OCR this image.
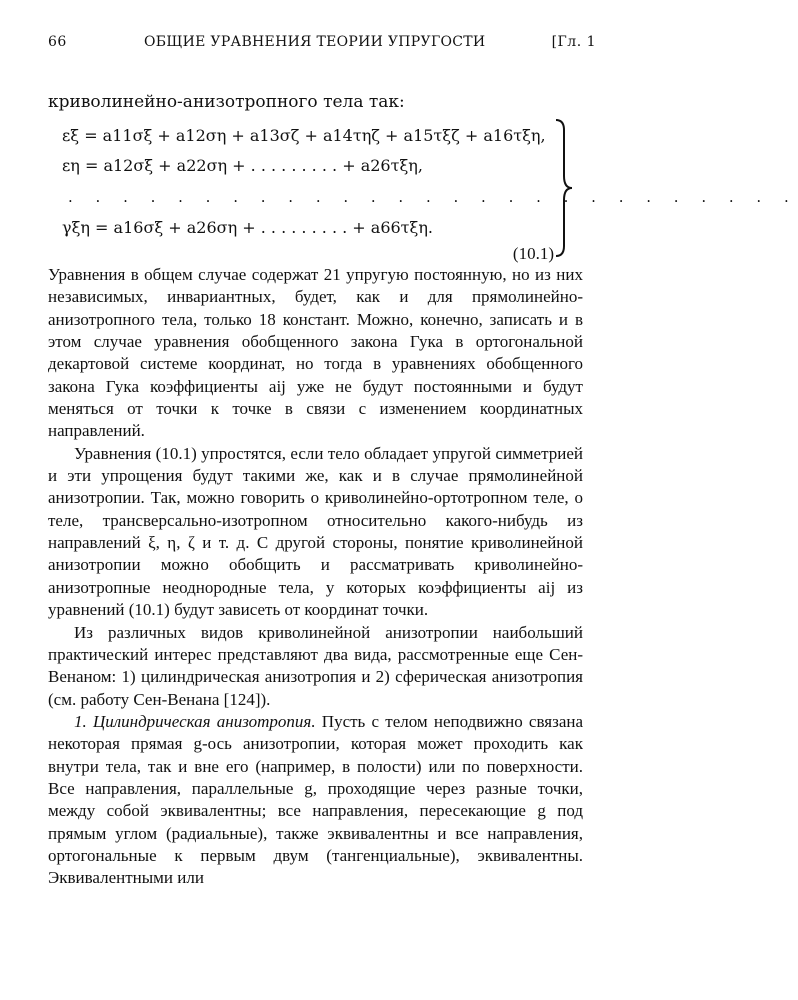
66	ОБЩИЕ УРАВНЕНИЯ ТЕОРИИ УПРУГОСТИ	[Гл. 1
криволинейно-анизотропного тела так:
εξ = a11σξ + a12ση + a13σζ + a14τηζ + a15τξζ + a16τξη,
εη = a12σξ + a22ση + . . . . . . . . . + a26τξη,
. . . . . . . . . . . . . . . . . . . . . . . . . . .
γξη = a16σξ + a26ση + . . . . . . . . . + a66τξη.
(10.1)

Уравнения в общем случае содержат 21 упругую постоянную, но из них независимых, инвариантных, будет, как и для прямолинейно-анизотропного тела, только 18 констант. Можно, конечно, записать и в этом случае уравнения обобщенного закона Гука в ортогональной декартовой системе координат, но тогда в уравнениях обобщенного закона Гука коэффициенты aij уже не будут постоянными и будут меняться от точки к точке в связи с изменением координатных направлений.

Уравнения (10.1) упростятся, если тело обладает упругой симметрией и эти упрощения будут такими же, как и в случае прямолинейной анизотропии. Так, можно говорить о криволинейно-ортотропном теле, о теле, трансверсально-изотропном относительно какого-нибудь из направлений ξ, η, ζ и т. д. С другой стороны, понятие криволинейной анизотропии можно обобщить и рассматривать криволинейно-анизотропные неоднородные тела, у которых коэффициенты aij из уравнений (10.1) будут зависеть от координат точки.

Из различных видов криволинейной анизотропии наибольший практический интерес представляют два вида, рассмотренные еще Сен-Венаном: 1) цилиндрическая анизотропия и 2) сферическая анизотропия (см. работу Сен-Венана [124]).

1. Цилиндрическая анизотропия. Пусть с телом неподвижно связана некоторая прямая g-ось анизотропии, которая может проходить как внутри тела, так и вне его (например, в полости) или по поверхности. Все направления, параллельные g, проходящие через разные точки, между собой эквивалентны; все направления, пересекающие g под прямым углом (радиальные), также эквивалентны и все направления, ортогональные к первым двум (тангенциальные), эквивалентны. Эквивалентными или
